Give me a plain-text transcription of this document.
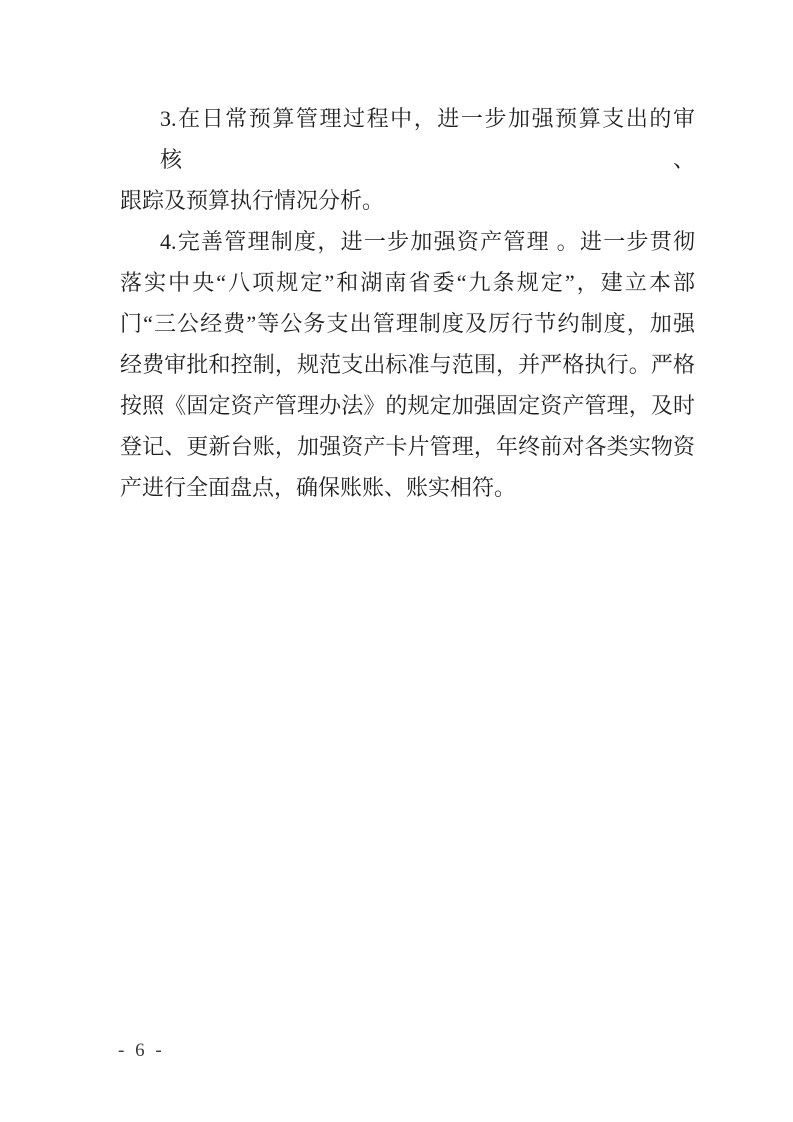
3.在日常预算管理过程中，进一步加强预算支出的审核、
跟踪及预算执行情况分析。
4.完善管理制度，进一步加强资产管理 。进一步贯彻
落实中央“八项规定”和湖南省委“九条规定”，建立本部
门“三公经费”等公务支出管理制度及厉行节约制度，加强
经费审批和控制，规范支出标准与范围，并严格执行。严格
按照《固定资产管理办法》的规定加强固定资产管理，及时
登记、更新台账，加强资产卡片管理，年终前对各类实物资
产进行全面盘点，确保账账、账实相符。
- 6 -
